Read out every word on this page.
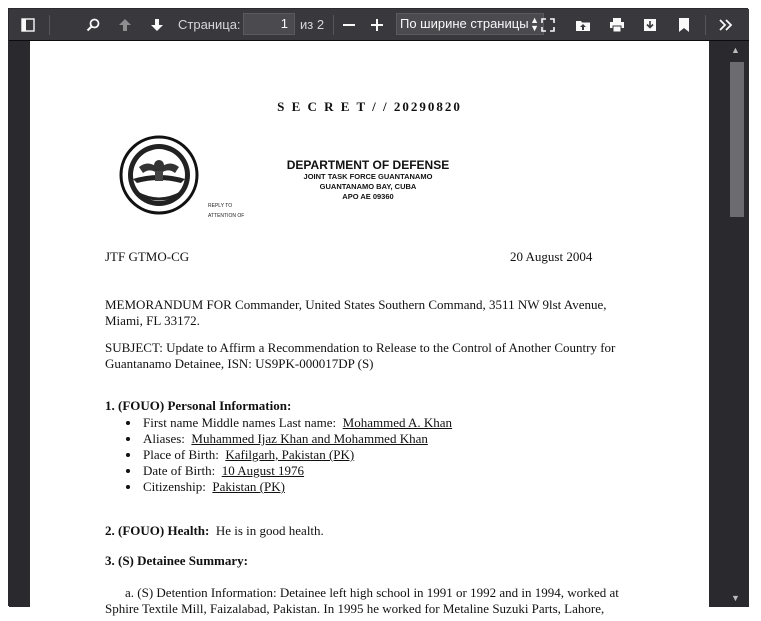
Страница:	1 из 2	По ширине страницы ▲
▼
S E C R E T / / 20290820
REPLY TO
ATTENTION OF
DEPARTMENT OF DEFENSE
JOINT TASK FORCE GUANTANAMO
GUANTANAMO BAY, CUBA
APO AE 09360
JTF GTMO-CG	20 August 2004
MEMORANDUM FOR Commander, United States Southern Command, 3511 NW 9lst Avenue,
Miami, FL 33172.
SUBJECT: Update to Affirm a Recommendation to Release to the Control of Another Country for
Guantanamo Detainee, ISN: US9PK-000017DP (S)
1. (FOUO) Personal Information:
• First name Middle names Last name: Mohammed A. Khan
• Aliases: Muhammed Ijaz Khan and Mohammed Khan
• Place of Birth: Kafilgarh, Pakistan (PK)
• Date of Birth: 10 August 1976
• Citizenship: Pakistan (PK)
2. (FOUO) Health: He is in good health.
3. (S) Detainee Summary:
a. (S) Detention Information: Detainee left high school in 1991 or 1992 and in 1994, worked at
Sphire Textile Mill, Faizalabad, Pakistan. In 1995 he worked for Metaline Suzuki Parts, Lahore,
▲
▼
